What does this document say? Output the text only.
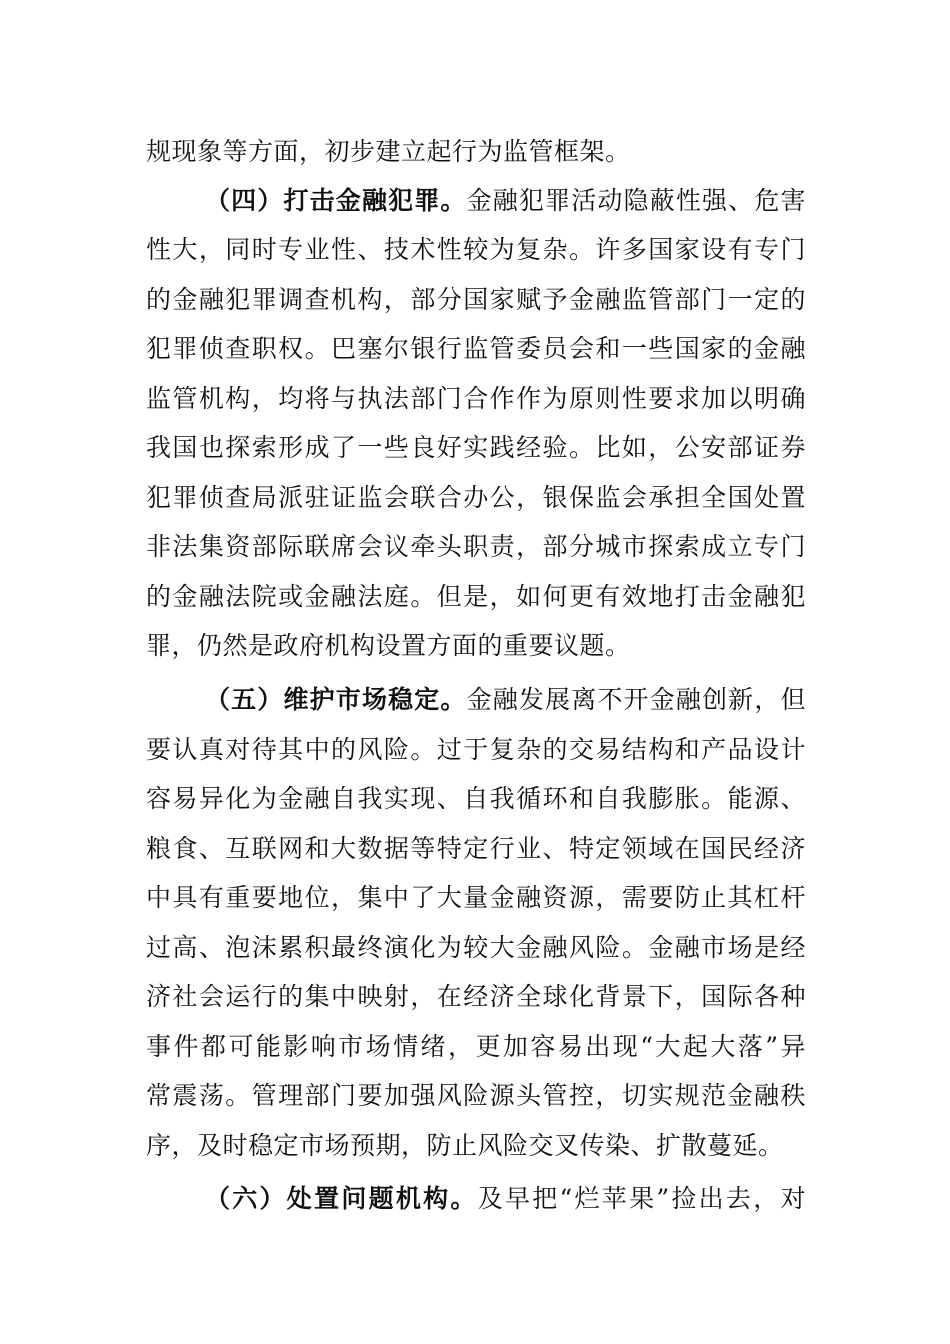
规现象等方面，初步建立起行为监管框架。
（四）打击金融犯罪。金融犯罪活动隐蔽性强、危害
性大，同时专业性、技术性较为复杂。许多国家设有专门
的金融犯罪调查机构，部分国家赋予金融监管部门一定的
犯罪侦查职权。巴塞尔银行监管委员会和一些国家的金融
监管机构，均将与执法部门合作作为原则性要求加以明确
我国也探索形成了一些良好实践经验。比如，公安部证券
犯罪侦查局派驻证监会联合办公，银保监会承担全国处置
非法集资部际联席会议牵头职责，部分城市探索成立专门
的金融法院或金融法庭。但是，如何更有效地打击金融犯
罪，仍然是政府机构设置方面的重要议题。
（五）维护市场稳定。金融发展离不开金融创新，但
要认真对待其中的风险。过于复杂的交易结构和产品设计
容易异化为金融自我实现、自我循环和自我膨胀。能源、
粮食、互联网和大数据等特定行业、特定领域在国民经济
中具有重要地位，集中了大量金融资源，需要防止其杠杆
过高、泡沫累积最终演化为较大金融风险。金融市场是经
济社会运行的集中映射，在经济全球化背景下，国际各种
事件都可能影响市场情绪，更加容易出现“大起大落”异
常震荡。管理部门要加强风险源头管控，切实规范金融秩
序，及时稳定市场预期，防止风险交叉传染、扩散蔓延。
（六）处置问题机构。及早把“烂苹果”捡出去，对
